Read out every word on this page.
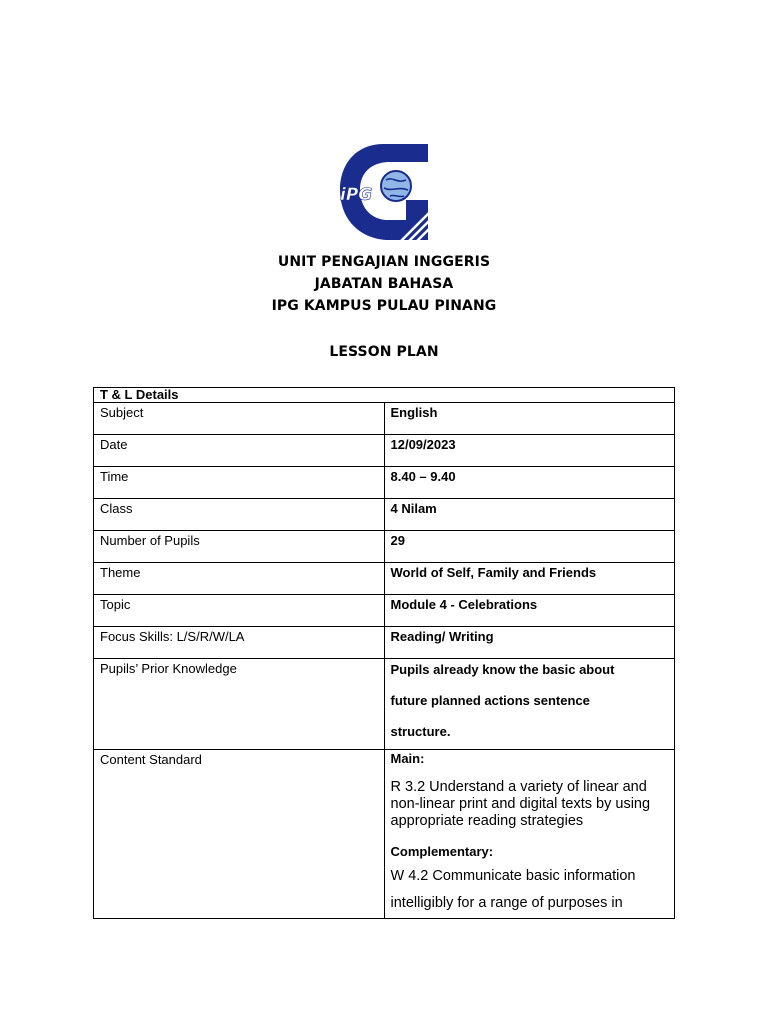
iPG
UNIT PENGAJIAN INGGERIS
JABATAN BAHASA
IPG KAMPUS PULAU PINANG
LESSON PLAN
T & L Details	
Subject	English
Date	12/09/2023
Time	8.40 – 9.40
Class	4 Nilam
Number of Pupils	29
Theme	World of Self, Family and Friends
Topic	Module 4 - Celebrations
Focus Skills: L/S/R/W/LA	Reading/ Writing
Pupils’ Prior Knowledge	Pupils already know the basic about
future planned actions sentence
structure.

Content Standard	Main:
R 3.2 Understand a variety of linear and non-linear print and digital texts by using appropriate reading strategies
Complementary:
W 4.2 Communicate basic information
intelligibly for a range of purposes in
